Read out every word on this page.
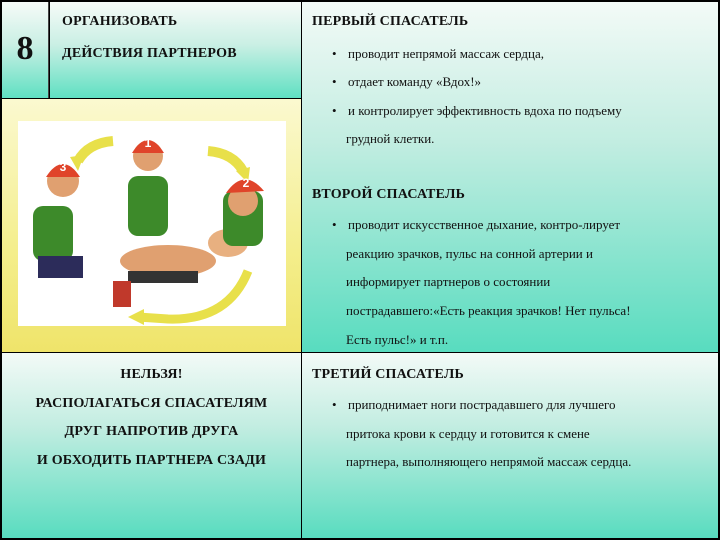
8
ОРГАНИЗОВАТЬ
ДЕЙСТВИЯ ПАРТНЕРОВ
1
2
3
ПЕРВЫЙ СПАСАТЕЛЬ
• проводит непрямой массаж сердца,
• отдает команду «Вдох!»
• и контролирует эффективность вдоха по подъему
грудной клетки.
ВТОРОЙ СПАСАТЕЛЬ
• проводит искусственное дыхание, контро-лирует
реакцию зрачков, пульс на сонной артерии и
информирует партнеров о состоянии
пострадавшего:«Есть реакция зрачков! Нет пульса!
Есть пульс!» и т.п.
НЕЛЬЗЯ!
РАСПОЛАГАТЬСЯ СПАСАТЕЛЯМ
ДРУГ НАПРОТИВ ДРУГА
И ОБХОДИТЬ ПАРТНЕРА СЗАДИ
ТРЕТИЙ СПАСАТЕЛЬ
• приподнимает ноги пострадавшего для лучшего
притока крови к сердцу и готовится к смене
партнера, выполняющего непрямой массаж сердца.
